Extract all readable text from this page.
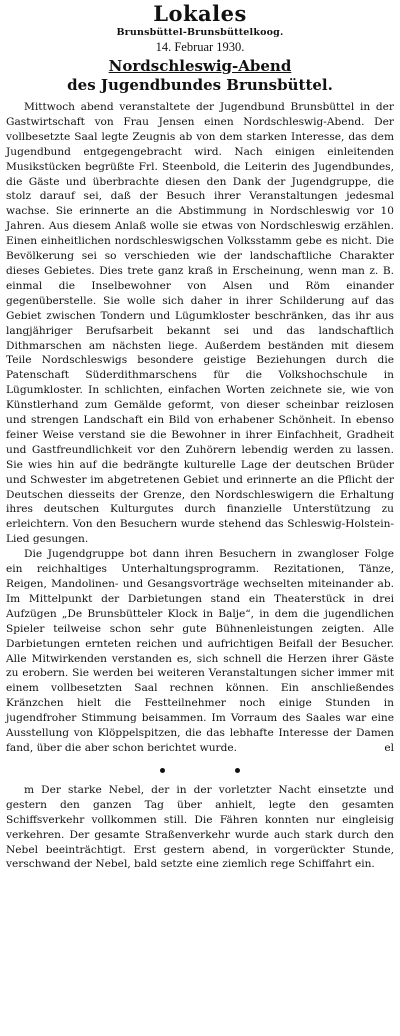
Lokales
Brunsbüttel-Brunsbüttelkoog.
14. Februar 1930.
Nordschleswig-Abend
des Jugendbundes Brunsbüttel.

Mittwoch abend veranstaltete der Jugendbund Brunsbüttel in der Gastwirtschaft von Frau Jensen einen Nordschleswig-Abend. Der vollbesetzte Saal legte Zeugnis ab von dem starken Interesse, das dem Jugendbund entgegengebracht wird. Nach einigen einleitenden Musikstücken begrüßte Frl. Steenbold, die Leiterin des Jugendbundes, die Gäste und überbrachte diesen den Dank der Jugendgruppe, die stolz darauf sei, daß der Besuch ihrer Veranstaltungen jedesmal wachse. Sie erinnerte an die Abstimmung in Nordschleswig vor 10 Jahren. Aus diesem Anlaß wolle sie etwas von Nordschleswig erzählen. Einen einheitlichen nordschleswigschen Volksstamm gebe es nicht. Die Bevölkerung sei so verschieden wie der landschaftliche Charakter dieses Gebietes. Dies trete ganz kraß in Erscheinung, wenn man z. B. einmal die Inselbewohner von Alsen und Röm einander gegenüberstelle. Sie wolle sich daher in ihrer Schilderung auf das Gebiet zwischen Tondern und Lügumkloster beschränken, das ihr aus langjähriger Berufsarbeit bekannt sei und das landschaftlich Dithmarschen am nächsten liege. Außerdem beständen mit diesem Teile Nordschleswigs besondere geistige Beziehungen durch die Patenschaft Süderdithmarschens für die Volkshochschule in Lügumkloster. In schlichten, einfachen Worten zeichnete sie, wie von Künstlerhand zum Gemälde geformt, von dieser scheinbar reizlosen und strengen Landschaft ein Bild von erhabener Schönheit. In ebenso feiner Weise verstand sie die Bewohner in ihrer Einfachheit, Gradheit und Gastfreundlichkeit vor den Zuhörern lebendig werden zu lassen. Sie wies hin auf die bedrängte kulturelle Lage der deutschen Brüder und Schwester im abgetretenen Gebiet und erinnerte an die Pflicht der Deutschen diesseits der Grenze, den Nordschleswigern die Erhaltung ihres deutschen Kulturgutes durch finanzielle Unterstützung zu erleichtern. Von den Besuchern wurde stehend das Schleswig-Holstein-Lied gesungen.

Die Jugendgruppe bot dann ihren Besuchern in zwangloser Folge ein reichhaltiges Unterhaltungsprogramm. Rezitationen, Tänze, Reigen, Mandolinen- und Gesangsvorträge wechselten miteinander ab. Im Mittelpunkt der Darbietungen stand ein Theaterstück in drei Aufzügen „De Brunsbütteler Klock in Balje“, in dem die jugendlichen Spieler teilweise schon sehr gute Bühnenleistungen zeigten. Alle Darbietungen ernteten reichen und aufrichtigen Beifall der Besucher. Alle Mitwirkenden verstanden es, sich schnell die Herzen ihrer Gäste zu erobern. Sie werden bei weiteren Veranstaltungen sicher immer mit einem vollbesetzten Saal rechnen können. Ein anschließendes Kränzchen hielt die Festteilnehmer noch einige Stunden in jugendfroher Stimmung beisammen. Im Vorraum des Saales war eine Ausstellung von Klöppelspitzen, die das lebhafte Interesse der Damen fand, über die aber schon berichtet wurde.	el

m Der starke Nebel, der in der vorletzter Nacht einsetzte und gestern den ganzen Tag über anhielt, legte den gesamten Schiffsverkehr vollkommen still. Die Fähren konnten nur eingleisig verkehren. Der gesamte Straßenverkehr wurde auch stark durch den Nebel beeinträchtigt. Erst gestern abend, in vorgerückter Stunde, verschwand der Nebel, bald setzte eine ziemlich rege Schiffahrt ein.
